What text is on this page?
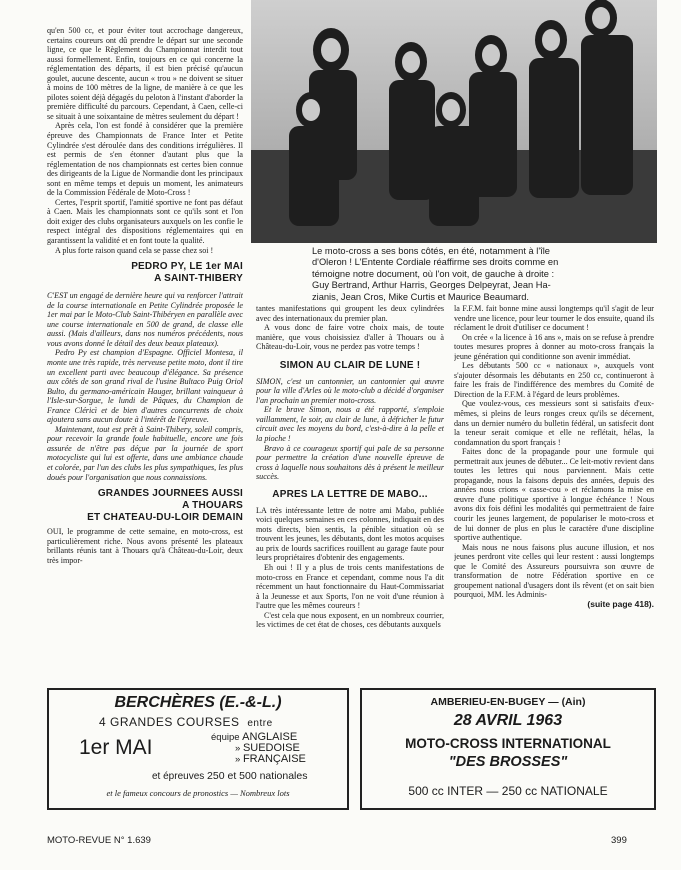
qu'en 500 cc, et pour éviter tout accrochage dangereux, certains coureurs ont dû prendre le départ sur une seconde ligne, ce que le Règlement du Championnat interdit tout aussi formellement. Enfin, toujours en ce qui concerne la réglementation des départs, il est bien précisé qu'aucun goulet, aucune descente, aucun « trou » ne doivent se situer à moins de 100 mètres de la ligne, de manière à ce que les pilotes soient déjà dégagés du peloton à l'instant d'aborder la première difficulté du parcours. Cependant, à Caen, celle-ci se situait à une soixantaine de mètres seulement du départ !

Après cela, l'on est fondé à considérer que la première épreuve des Championnats de France Inter et Petite Cylindrée s'est déroulée dans des conditions irrégulières. Il est permis de s'en étonner d'autant plus que la réglementation de nos championnats est certes bien connue des dirigeants de la Ligue de Normandie dont les principaux sont en même temps et depuis un moment, les animateurs de la Commission Fédérale de Moto-Cross !

Certes, l'esprit sportif, l'amitié sportive ne font pas défaut à Caen. Mais les championnats sont ce qu'ils sont et l'on doit exiger des clubs organisateurs auxquels on les confie le respect intégral des dispositions réglementaires qui en garantissent la validité et en font toute la qualité.

A plus forte raison quand cela se passe chez soi !

PEDRO PY, LE 1er MAI
A SAINT-THIBERY

C'EST un engagé de dernière heure qui va renforcer l'attrait de la course internationale en Petite Cylindrée proposée le 1er mai par le Moto-Club Saint-Thibéryen en parallèle avec une course internationale en 500 de grand, de classe elle aussi. (Mais d'ailleurs, dans nos numéros précédents, nous vous avons donné le détail des deux beaux plateaux).

Pedro Py est champion d'Espagne. Officiel Montesa, il monte une très rapide, très nerveuse petite moto, dont il tire un excellent parti avec beaucoup d'élégance. Sa présence aux côtés de son grand rival de l'usine Bultaco Puig Oriol Bulto, du germano-américain Hauger, brillant vainqueur à l'Isle-sur-Sorgue, le lundi de Pâques, du Champion de France Cléricì et de bien d'autres concurrents de choix ajoutera sans aucun doute à l'intérêt de l'épreuve.

Maintenant, tout est prêt à Saint-Thibery, soleil compris, pour recevoir la grande foule habituelle, encore une fois assurée de n'être pas déçue par la journée de sport motocycliste qui lui est offerte, dans une ambiance chaude et colorée, par l'un des clubs les plus sympathiques, les plus doués pour l'organisation que nous connaissions.

GRANDES JOURNEES AUSSI
A THOUARS
ET CHATEAU-DU-LOIR DEMAIN

OUI, le programme de cette semaine, en moto-cross, est particulièrement riche. Nous avons présenté les plateaux brillants réunis tant à Thouars qu'à Château-du-Loir, deux très impor-

Le moto-cross a ses bons côtés, en été, notamment à l'île
d'Oleron ! L'Entente Cordiale réaffirme ses droits comme en
témoigne notre document, où l'on voit, de gauche à droite :
Guy Bertrand, Arthur Harris, Georges Delpeyrat, Jean Ha-
zianis, Jean Cros, Mike Curtis et Maurice Beaumard.

tantes manifestations qui groupent les deux cylindrées avec des internationaux du premier plan.

A vous donc de faire votre choix mais, de toute manière, que vous choisissiez d'aller à Thouars ou à Château-du-Loir, vous ne perdez pas votre temps !

SIMON AU CLAIR DE LUNE !

SIMON, c'est un cantonnier, un cantonnier qui œuvre pour la ville d'Arles où le moto-club a décidé d'organiser l'an prochain un premier moto-cross.

Et le brave Simon, nous a été rapporté, s'emploie vaillamment, le soir, au clair de lune, à défricher le futur circuit avec les moyens du bord, c'est-à-dire à la pelle et la pioche !

Bravo à ce courageux sportif qui pale de sa personne pour permettre la création d'une nouvelle épreuve de cross à laquelle nous souhaitons dès à présent le meilleur succès.

APRES LA LETTRE DE MABO...

LA très intéressante lettre de notre ami Mabo, publiée voici quelques semaines en ces colonnes, indiquait en des mots directs, bien sentis, la pénible situation où se trouvent les jeunes, les débutants, dont les motos acquises au prix de lourds sacrifices rouillent au garage faute pour leurs propriétaires d'obtenir des engagements.

Eh oui ! Il y a plus de trois cents manifestations de moto-cross en France et cependant, comme nous l'a dit récemment un haut fonctionnaire du Haut-Commissariat à la Jeunesse et aux Sports, l'on ne voit d'une réunion à l'autre que les mêmes coureurs !

C'est cela que nous exposent, en un nombreux courrier, les victimes de cet état de choses, ces débutants auxquels

la F.F.M. fait bonne mine aussi longtemps qu'il s'agit de leur vendre une licence, pour leur tourner le dos ensuite, quand ils réclament le droit d'utiliser ce document !

On crée « la licence à 16 ans », mais on se refuse à prendre toutes mesures propres à donner au moto-cross français la jeune génération qui conditionne son avenir immédiat.

Les débutants 500 cc « nationaux », auxquels vont s'ajouter désormais les débutants en 250 cc, continueront à faire les frais de l'indifférence des membres du Comité de Direction de la F.F.M. à l'égard de leurs problèmes.

Que voulez-vous, ces messieurs sont si satisfaits d'eux-mêmes, si pleins de leurs ronges creux qu'ils se décernent, dans un dernier numéro du bulletin fédéral, un satisfecit dont la teneur serait comique et elle ne reflétait, hélas, la condamnation du sport français !

Faites donc de la propagande pour une formule qui permettrait aux jeunes de débuter... Ce leit-motiv revient dans toutes les lettres qui nous parviennent. Mais cette propagande, nous la faisons depuis des années, depuis des années nous crions « casse-cou » et réclamons la mise en œuvre d'une politique sportive à longue échéance ! Nous avons dix fois défini les modalités qui permettraient de faire courir les jeunes largement, de populariser le moto-cross et de lui donner de plus en plus le caractère d'une discipline sportive authentique.

Mais nous ne nous faisons plus aucune illusion, et nos jeunes perdront vite celles qui leur restent : aussi longtemps que le Comité des Assureurs poursuivra son œuvre de transformation de notre Fédération sportive en ce groupement national d'usagers dont ils rêvent (et on sait bien pourquoi, MM. les Adminis-

(suite page 418).
BERCHÈRES (E.-&-L.)
4 GRANDES COURSES entre
1er MAI	équipe ANGLAISE
» SUEDOISE
» FRANÇAISE
et épreuves 250 et 500 nationales
et le fameux concours de pronostics — Nombreux lots
AMBERIEU-EN-BUGEY — (Ain)
28 AVRIL 1963
MOTO-CROSS INTERNATIONAL
"DES BROSSES"
500 cc INTER — 250 cc NATIONALE
MOTO-REVUE N° 1.639	399
